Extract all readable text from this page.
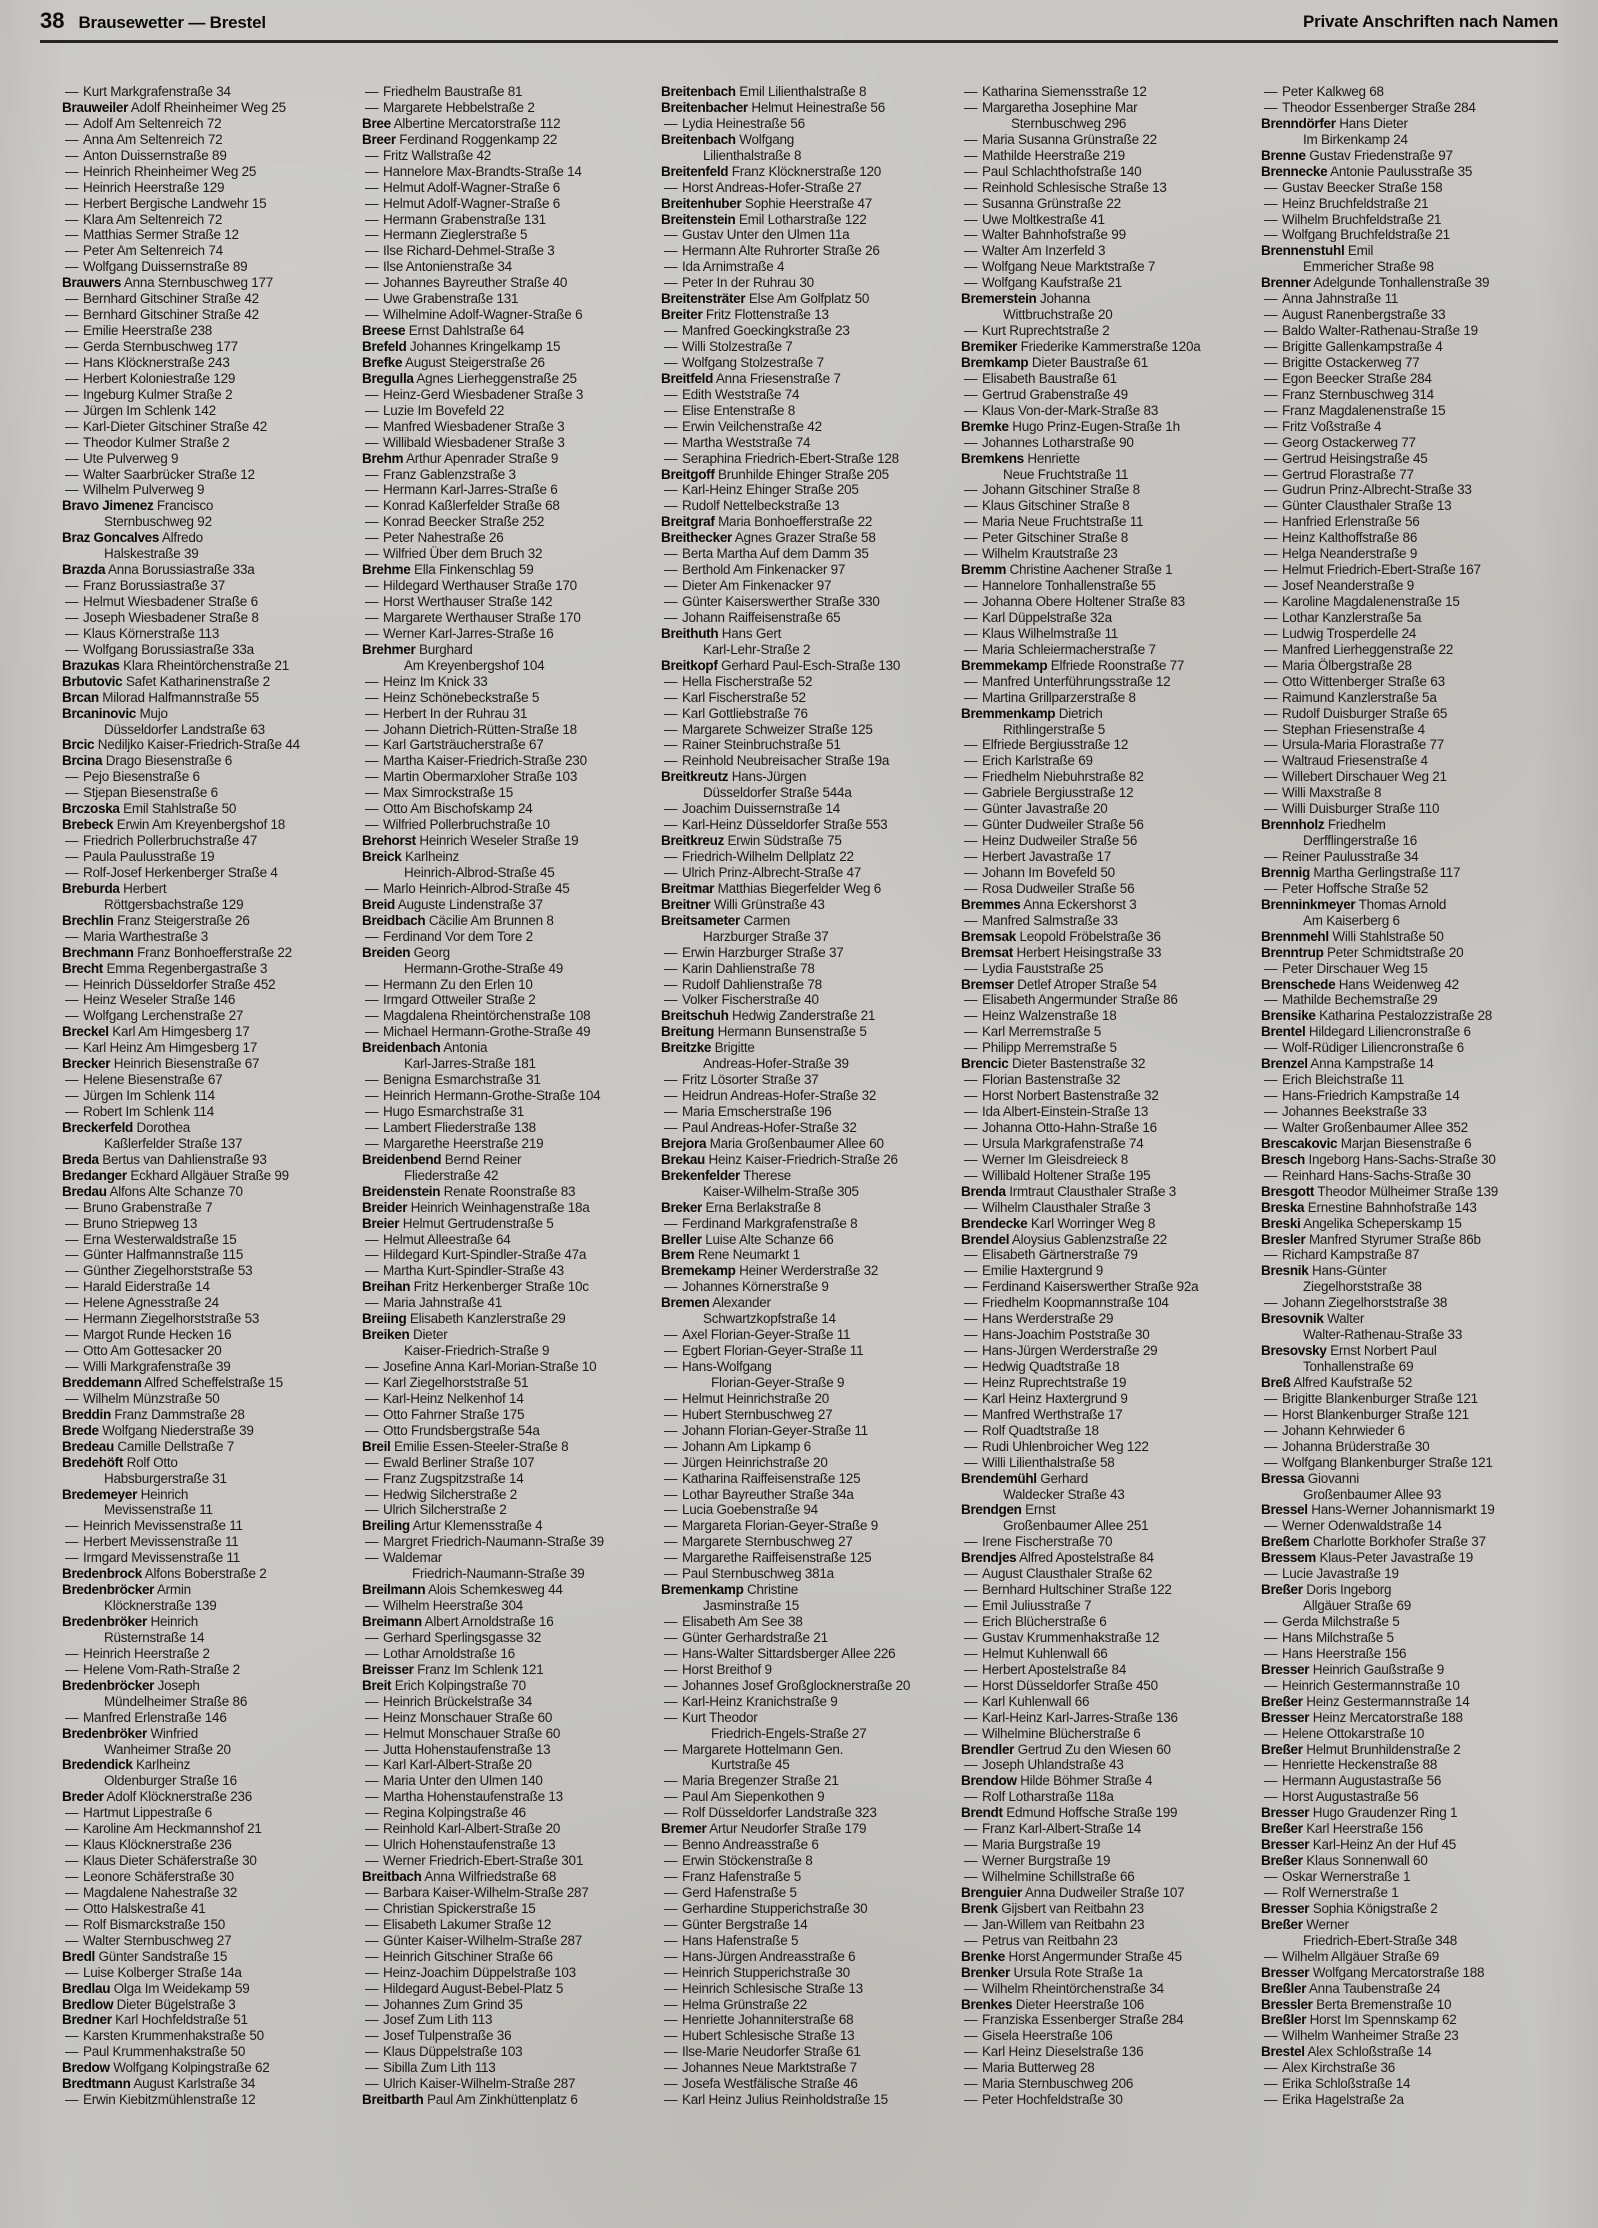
38 Brausewetter — Brestel	Private Anschriften nach Namen
— Kurt Markgrafenstraße 34
Brauweiler Adolf Rheinheimer Weg 25
— Adolf Am Seltenreich 72
— Anna Am Seltenreich 72
— Anton Duissernstraße 89
— Heinrich Rheinheimer Weg 25
— Heinrich Heerstraße 129
— Herbert Bergische Landwehr 15
— Klara Am Seltenreich 72
— Matthias Sermer Straße 12
— Peter Am Seltenreich 74
— Wolfgang Duissernstraße 89
Brauwers Anna Sternbuschweg 177
— Bernhard Gitschiner Straße 42
— Bernhard Gitschiner Straße 42
— Emilie Heerstraße 238
— Gerda Sternbuschweg 177
— Hans Klöcknerstraße 243
— Herbert Koloniestraße 129
— Ingeburg Kulmer Straße 2
— Jürgen Im Schlenk 142
— Karl-Dieter Gitschiner Straße 42
— Theodor Kulmer Straße 2
— Ute Pulverweg 9
— Walter Saarbrücker Straße 12
— Wilhelm Pulverweg 9
Bravo Jimenez Francisco
Sternbuschweg 92
Braz Goncalves Alfredo
Halskestraße 39
Brazda Anna Borussiastraße 33a
— Franz Borussiastraße 37
— Helmut Wiesbadener Straße 6
— Joseph Wiesbadener Straße 8
— Klaus Körnerstraße 113
— Wolfgang Borussiastraße 33a
Brazukas Klara Rheintörchenstraße 21
Brbutovic Safet Katharinenstraße 2
Brcan Milorad Halfmannstraße 55
Brcaninovic Mujo
Düsseldorfer Landstraße 63
Brcic Nediljko Kaiser-Friedrich-Straße 44
Brcina Drago Biesenstraße 6
— Pejo Biesenstraße 6
— Stjepan Biesenstraße 6
Brczoska Emil Stahlstraße 50
Brebeck Erwin Am Kreyenbergshof 18
— Friedrich Pollerbruchstraße 47
— Paula Paulusstraße 19
— Rolf-Josef Herkenberger Straße 4
Breburda Herbert
Röttgersbachstraße 129
Brechlin Franz Steigerstraße 26
— Maria Warthestraße 3
Brechmann Franz Bonhoefferstraße 22
Brecht Emma Regenbergastraße 3
— Heinrich Düsseldorfer Straße 452
— Heinz Weseler Straße 146
— Wolfgang Lerchenstraße 27
Breckel Karl Am Himgesberg 17
— Karl Heinz Am Himgesberg 17
Brecker Heinrich Biesenstraße 67
— Helene Biesenstraße 67
— Jürgen Im Schlenk 114
— Robert Im Schlenk 114
Breckerfeld Dorothea
Kaßlerfelder Straße 137
Breda Bertus van Dahlienstraße 93
Bredanger Eckhard Allgäuer Straße 99
Bredau Alfons Alte Schanze 70
— Bruno Grabenstraße 7
— Bruno Striepweg 13
— Erna Westerwaldstraße 15
— Günter Halfmannstraße 115
— Günther Ziegelhorststraße 53
— Harald Eiderstraße 14
— Helene Agnesstraße 24
— Hermann Ziegelhorststraße 53
— Margot Runde Hecken 16
— Otto Am Gottesacker 20
— Willi Markgrafenstraße 39
Breddemann Alfred Scheffelstraße 15
— Wilhelm Münzstraße 50
Breddin Franz Dammstraße 28
Brede Wolfgang Niederstraße 39
Bredeau Camille Dellstraße 7
Bredehöft Rolf Otto
Habsburgerstraße 31
Bredemeyer Heinrich
Mevissenstraße 11
— Heinrich Mevissenstraße 11
— Herbert Mevissenstraße 11
— Irmgard Mevissenstraße 11
Bredenbrock Alfons Boberstraße 2
Bredenbröcker Armin
Klöcknerstraße 139
Bredenbröker Heinrich
Rüsternstraße 14
— Heinrich Heerstraße 2
— Helene Vom-Rath-Straße 2
Bredenbröcker Joseph
Mündelheimer Straße 86
— Manfred Erlenstraße 146
Bredenbröker Winfried
Wanheimer Straße 20
Bredendick Karlheinz
Oldenburger Straße 16
Breder Adolf Klöcknerstraße 236
— Hartmut Lippestraße 6
— Karoline Am Heckmannshof 21
— Klaus Klöcknerstraße 236
— Klaus Dieter Schäferstraße 30
— Leonore Schäferstraße 30
— Magdalene Nahestraße 32
— Otto Halskestraße 41
— Rolf Bismarckstraße 150
— Walter Sternbuschweg 27
Bredl Günter Sandstraße 15
— Luise Kolberger Straße 14a
Bredlau Olga Im Weidekamp 59
Bredlow Dieter Bügelstraße 3
Bredner Karl Hochfeldstraße 51
— Karsten Krummenhakstraße 50
— Paul Krummenhakstraße 50
Bredow Wolfgang Kolpingstraße 62
Bredtmann August Karlstraße 34
— Erwin Kiebitzmühlenstraße 12
— Friedhelm Baustraße 81
— Margarete Hebbelstraße 2
Bree Albertine Mercatorstraße 112
Breer Ferdinand Roggenkamp 22
— Fritz Wallstraße 42
— Hannelore Max-Brandts-Straße 14
— Helmut Adolf-Wagner-Straße 6
— Helmut Adolf-Wagner-Straße 6
— Hermann Grabenstraße 131
— Hermann Zieglerstraße 5
— Ilse Richard-Dehmel-Straße 3
— Ilse Antonienstraße 34
— Johannes Bayreuther Straße 40
— Uwe Grabenstraße 131
— Wilhelmine Adolf-Wagner-Straße 6
Breese Ernst Dahlstraße 64
Brefeld Johannes Kringelkamp 15
Brefke August Steigerstraße 26
Bregulla Agnes Lierheggenstraße 25
— Heinz-Gerd Wiesbadener Straße 3
— Luzie Im Bovefeld 22
— Manfred Wiesbadener Straße 3
— Willibald Wiesbadener Straße 3
Brehm Arthur Apenrader Straße 9
— Franz Gablenzstraße 3
— Hermann Karl-Jarres-Straße 6
— Konrad Kaßlerfelder Straße 68
— Konrad Beecker Straße 252
— Peter Nahestraße 26
— Wilfried Über dem Bruch 32
Brehme Ella Finkenschlag 59
— Hildegard Werthauser Straße 170
— Horst Werthauser Straße 142
— Margarete Werthauser Straße 170
— Werner Karl-Jarres-Straße 16
Brehmer Burghard
Am Kreyenbergshof 104
— Heinz Im Knick 33
— Heinz Schönebeckstraße 5
— Herbert In der Ruhrau 31
— Johann Dietrich-Rütten-Straße 18
— Karl Gartsträucherstraße 67
— Martha Kaiser-Friedrich-Straße 230
— Martin Obermarxloher Straße 103
— Max Simrockstraße 15
— Otto Am Bischofskamp 24
— Wilfried Pollerbruchstraße 10
Brehorst Heinrich Weseler Straße 19
Breick Karlheinz
Heinrich-Albrod-Straße 45
— Marlo Heinrich-Albrod-Straße 45
Breid Auguste Lindenstraße 37
Breidbach Cäcilie Am Brunnen 8
— Ferdinand Vor dem Tore 2
Breiden Georg
Hermann-Grothe-Straße 49
— Hermann Zu den Erlen 10
— Irmgard Ottweiler Straße 2
— Magdalena Rheintörchenstraße 108
— Michael Hermann-Grothe-Straße 49
Breidenbach Antonia
Karl-Jarres-Straße 181
— Benigna Esmarchstraße 31
— Heinrich Hermann-Grothe-Straße 104
— Hugo Esmarchstraße 31
— Lambert Fliederstraße 138
— Margarethe Heerstraße 219
Breidenbend Bernd Reiner
Fliederstraße 42
Breidenstein Renate Roonstraße 83
Breider Heinrich Weinhagenstraße 18a
Breier Helmut Gertrudenstraße 5
— Helmut Alleestraße 64
— Hildegard Kurt-Spindler-Straße 47a
— Martha Kurt-Spindler-Straße 43
Breihan Fritz Herkenberger Straße 10c
— Maria Jahnstraße 41
Breiing Elisabeth Kanzlerstraße 29
Breiken Dieter
Kaiser-Friedrich-Straße 9
— Josefine Anna Karl-Morian-Straße 10
— Karl Ziegelhorststraße 51
— Karl-Heinz Nelkenhof 14
— Otto Fahrner Straße 175
— Otto Frundsbergstraße 54a
Breil Emilie Essen-Steeler-Straße 8
— Ewald Berliner Straße 107
— Franz Zugspitzstraße 14
— Hedwig Silcherstraße 2
— Ulrich Silcherstraße 2
Breiling Artur Klemensstraße 4
— Margret Friedrich-Naumann-Straße 39
— Waldemar
Friedrich-Naumann-Straße 39
Breilmann Alois Schemkesweg 44
— Wilhelm Heerstraße 304
Breimann Albert Arnoldstraße 16
— Gerhard Sperlingsgasse 32
— Lothar Arnoldstraße 16
Breisser Franz Im Schlenk 121
Breit Erich Kolpingstraße 70
— Heinrich Brückelstraße 34
— Heinz Monschauer Straße 60
— Helmut Monschauer Straße 60
— Jutta Hohenstaufenstraße 13
— Karl Karl-Albert-Straße 20
— Maria Unter den Ulmen 140
— Martha Hohenstaufenstraße 13
— Regina Kolpingstraße 46
— Reinhold Karl-Albert-Straße 20
— Ulrich Hohenstaufenstraße 13
— Werner Friedrich-Ebert-Straße 301
Breitbach Anna Wilfriedstraße 68
— Barbara Kaiser-Wilhelm-Straße 287
— Christian Spickerstraße 15
— Elisabeth Lakumer Straße 12
— Günter Kaiser-Wilhelm-Straße 287
— Heinrich Gitschiner Straße 66
— Heinz-Joachim Düppelstraße 103
— Hildegard August-Bebel-Platz 5
— Johannes Zum Grind 35
— Josef Zum Lith 113
— Josef Tulpenstraße 36
— Klaus Düppelstraße 103
— Sibilla Zum Lith 113
— Ulrich Kaiser-Wilhelm-Straße 287
Breitbarth Paul Am Zinkhüttenplatz 6
Breitenbach Emil Lilienthalstraße 8
Breitenbacher Helmut Heinestraße 56
— Lydia Heinestraße 56
Breitenbach Wolfgang
Lilienthalstraße 8
Breitenfeld Franz Klöcknerstraße 120
— Horst Andreas-Hofer-Straße 27
Breitenhuber Sophie Heerstraße 47
Breitenstein Emil Lotharstraße 122
— Gustav Unter den Ulmen 11a
— Hermann Alte Ruhrorter Straße 26
— Ida Arnimstraße 4
— Peter In der Ruhrau 30
Breitensträter Else Am Golfplatz 50
Breiter Fritz Flottenstraße 13
— Manfred Goeckingkstraße 23
— Willi Stolzestraße 7
— Wolfgang Stolzestraße 7
Breitfeld Anna Friesenstraße 7
— Edith Weststraße 74
— Elise Entenstraße 8
— Erwin Veilchenstraße 42
— Martha Weststraße 74
— Seraphina Friedrich-Ebert-Straße 128
Breitgoff Brunhilde Ehinger Straße 205
— Karl-Heinz Ehinger Straße 205
— Rudolf Nettelbeckstraße 13
Breitgraf Maria Bonhoefferstraße 22
Breithecker Agnes Grazer Straße 58
— Berta Martha Auf dem Damm 35
— Berthold Am Finkenacker 97
— Dieter Am Finkenacker 97
— Günter Kaiserswerther Straße 330
— Johann Raiffeisenstraße 65
Breithuth Hans Gert
Karl-Lehr-Straße 2
Breitkopf Gerhard Paul-Esch-Straße 130
— Hella Fischerstraße 52
— Karl Fischerstraße 52
— Karl Gottliebstraße 76
— Margarete Schweizer Straße 125
— Rainer Steinbruchstraße 51
— Reinhold Neubreisacher Straße 19a
Breitkreutz Hans-Jürgen
Düsseldorfer Straße 544a
— Joachim Duissernstraße 14
— Karl-Heinz Düsseldorfer Straße 553
Breitkreuz Erwin Südstraße 75
— Friedrich-Wilhelm Dellplatz 22
— Ulrich Prinz-Albrecht-Straße 47
Breitmar Matthias Biegerfelder Weg 6
Breitner Willi Grünstraße 43
Breitsameter Carmen
Harzburger Straße 37
— Erwin Harzburger Straße 37
— Karin Dahlienstraße 78
— Rudolf Dahlienstraße 78
— Volker Fischerstraße 40
Breitschuh Hedwig Zanderstraße 21
Breitung Hermann Bunsenstraße 5
Breitzke Brigitte
Andreas-Hofer-Straße 39
— Fritz Lösorter Straße 37
— Heidrun Andreas-Hofer-Straße 32
— Maria Emscherstraße 196
— Paul Andreas-Hofer-Straße 32
Brejora Maria Großenbaumer Allee 60
Brekau Heinz Kaiser-Friedrich-Straße 26
Brekenfelder Therese
Kaiser-Wilhelm-Straße 305
Breker Erna Berlakstraße 8
— Ferdinand Markgrafenstraße 8
Breller Luise Alte Schanze 66
Brem Rene Neumarkt 1
Bremekamp Heiner Werderstraße 32
— Johannes Körnerstraße 9
Bremen Alexander
Schwartzkopfstraße 14
— Axel Florian-Geyer-Straße 11
— Egbert Florian-Geyer-Straße 11
— Hans-Wolfgang
Florian-Geyer-Straße 9
— Helmut Heinrichstraße 20
— Hubert Sternbuschweg 27
— Johann Florian-Geyer-Straße 11
— Johann Am Lipkamp 6
— Jürgen Heinrichstraße 20
— Katharina Raiffeisenstraße 125
— Lothar Bayreuther Straße 34a
— Lucia Goebenstraße 94
— Margareta Florian-Geyer-Straße 9
— Margarete Sternbuschweg 27
— Margarethe Raiffeisenstraße 125
— Paul Sternbuschweg 381a
Bremenkamp Christine
Jasminstraße 15
— Elisabeth Am See 38
— Günter Gerhardstraße 21
— Hans-Walter Sittardsberger Allee 226
— Horst Breithof 9
— Johannes Josef Großglocknerstraße 20
— Karl-Heinz Kranichstraße 9
— Kurt Theodor
Friedrich-Engels-Straße 27
— Margarete Hottelmann Gen.
Kurtstraße 45
— Maria Bregenzer Straße 21
— Paul Am Siepenkothen 9
— Rolf Düsseldorfer Landstraße 323
Bremer Artur Neudorfer Straße 179
— Benno Andreasstraße 6
— Erwin Stöckenstraße 8
— Franz Hafenstraße 5
— Gerd Hafenstraße 5
— Gerhardine Stupperichstraße 30
— Günter Bergstraße 14
— Hans Hafenstraße 5
— Hans-Jürgen Andreasstraße 6
— Heinrich Stupperichstraße 30
— Heinrich Schlesische Straße 13
— Helma Grünstraße 22
— Henriette Johanniterstraße 68
— Hubert Schlesische Straße 13
— Ilse-Marie Neudorfer Straße 61
— Johannes Neue Marktstraße 7
— Josefa Westfälische Straße 46
— Karl Heinz Julius Reinholdstraße 15
— Katharina Siemensstraße 12
— Margaretha Josephine Mar
Sternbuschweg 296
— Maria Susanna Grünstraße 22
— Mathilde Heerstraße 219
— Paul Schlachthofstraße 140
— Reinhold Schlesische Straße 13
— Susanna Grünstraße 22
— Uwe Moltkestraße 41
— Walter Bahnhofstraße 99
— Walter Am Inzerfeld 3
— Wolfgang Neue Marktstraße 7
— Wolfgang Kaufstraße 21
Bremerstein Johanna
Wittbruchstraße 20
— Kurt Ruprechtstraße 2
Bremiker Friederike Kammerstraße 120a
Bremkamp Dieter Baustraße 61
— Elisabeth Baustraße 61
— Gertrud Grabenstraße 49
— Klaus Von-der-Mark-Straße 83
Bremke Hugo Prinz-Eugen-Straße 1h
— Johannes Lotharstraße 90
Bremkens Henriette
Neue Fruchtstraße 11
— Johann Gitschiner Straße 8
— Klaus Gitschiner Straße 8
— Maria Neue Fruchtstraße 11
— Peter Gitschiner Straße 8
— Wilhelm Krautstraße 23
Bremm Christine Aachener Straße 1
— Hannelore Tonhallenstraße 55
— Johanna Obere Holtener Straße 83
— Karl Düppelstraße 32a
— Klaus Wilhelmstraße 11
— Maria Schleiermacherstraße 7
Bremmekamp Elfriede Roonstraße 77
— Manfred Unterführungsstraße 12
— Martina Grillparzerstraße 8
Bremmenkamp Dietrich
Rithlingerstraße 5
— Elfriede Bergiusstraße 12
— Erich Karlstraße 69
— Friedhelm Niebuhrstraße 82
— Gabriele Bergiusstraße 12
— Günter Javastraße 20
— Günter Dudweiler Straße 56
— Heinz Dudweiler Straße 56
— Herbert Javastraße 17
— Johann Im Bovefeld 50
— Rosa Dudweiler Straße 56
Bremmes Anna Eckershorst 3
— Manfred Salmstraße 33
Bremsak Leopold Fröbelstraße 36
Bremsat Herbert Heisingstraße 33
— Lydia Fauststraße 25
Bremser Detlef Atroper Straße 54
— Elisabeth Angermunder Straße 86
— Heinz Walzenstraße 18
— Karl Merremstraße 5
— Philipp Merremstraße 5
Brencic Dieter Bastenstraße 32
— Florian Bastenstraße 32
— Horst Norbert Bastenstraße 32
— Ida Albert-Einstein-Straße 13
— Johanna Otto-Hahn-Straße 16
— Ursula Markgrafenstraße 74
— Werner Im Gleisdreieck 8
— Willibald Holtener Straße 195
Brenda Irmtraut Clausthaler Straße 3
— Wilhelm Clausthaler Straße 3
Brendecke Karl Worringer Weg 8
Brendel Aloysius Gablenzstraße 22
— Elisabeth Gärtnerstraße 79
— Emilie Haxtergrund 9
— Ferdinand Kaiserswerther Straße 92a
— Friedhelm Koopmannstraße 104
— Hans Werderstraße 29
— Hans-Joachim Poststraße 30
— Hans-Jürgen Werderstraße 29
— Hedwig Quadtstraße 18
— Heinz Ruprechtstraße 19
— Karl Heinz Haxtergrund 9
— Manfred Werthstraße 17
— Rolf Quadtstraße 18
— Rudi Uhlenbroicher Weg 122
— Willi Lilienthalstraße 58
Brendemühl Gerhard
Waldecker Straße 43
Brendgen Ernst
Großenbaumer Allee 251
— Irene Fischerstraße 70
Brendjes Alfred Apostelstraße 84
— August Clausthaler Straße 62
— Bernhard Hultschiner Straße 122
— Emil Juliusstraße 7
— Erich Blücherstraße 6
— Gustav Krummenhakstraße 12
— Helmut Kuhlenwall 66
— Herbert Apostelstraße 84
— Horst Düsseldorfer Straße 450
— Karl Kuhlenwall 66
— Karl-Heinz Karl-Jarres-Straße 136
— Wilhelmine Blücherstraße 6
Brendler Gertrud Zu den Wiesen 60
— Joseph Uhlandstraße 43
Brendow Hilde Böhmer Straße 4
— Rolf Lotharstraße 118a
Brendt Edmund Hoffsche Straße 199
— Franz Karl-Albert-Straße 14
— Maria Burgstraße 19
— Werner Burgstraße 19
— Wilhelmine Schillstraße 66
Brenguier Anna Dudweiler Straße 107
Brenk Gijsbert van Reitbahn 23
— Jan-Willem van Reitbahn 23
— Petrus van Reitbahn 23
Brenke Horst Angermunder Straße 45
Brenker Ursula Rote Straße 1a
— Wilhelm Rheintörchenstraße 34
Brenkes Dieter Heerstraße 106
— Franziska Essenberger Straße 284
— Gisela Heerstraße 106
— Karl Heinz Dieselstraße 136
— Maria Butterweg 28
— Maria Sternbuschweg 206
— Peter Hochfeldstraße 30
— Peter Kalkweg 68
— Theodor Essenberger Straße 284
Brenndörfer Hans Dieter
Im Birkenkamp 24
Brenne Gustav Friedenstraße 97
Brennecke Antonie Paulusstraße 35
— Gustav Beecker Straße 158
— Heinz Bruchfeldstraße 21
— Wilhelm Bruchfeldstraße 21
— Wolfgang Bruchfeldstraße 21
Brennenstuhl Emil
Emmericher Straße 98
Brenner Adelgunde Tonhallenstraße 39
— Anna Jahnstraße 11
— August Ranenbergstraße 33
— Baldo Walter-Rathenau-Straße 19
— Brigitte Gallenkampstraße 4
— Brigitte Ostackerweg 77
— Egon Beecker Straße 284
— Franz Sternbuschweg 314
— Franz Magdalenenstraße 15
— Fritz Voßstraße 4
— Georg Ostackerweg 77
— Gertrud Heisingstraße 45
— Gertrud Florastraße 77
— Gudrun Prinz-Albrecht-Straße 33
— Günter Clausthaler Straße 13
— Hanfried Erlenstraße 56
— Heinz Kalthoffstraße 86
— Helga Neanderstraße 9
— Helmut Friedrich-Ebert-Straße 167
— Josef Neanderstraße 9
— Karoline Magdalenenstraße 15
— Lothar Kanzlerstraße 5a
— Ludwig Trosperdelle 24
— Manfred Lierheggenstraße 22
— Maria Ölbergstraße 28
— Otto Wittenberger Straße 63
— Raimund Kanzlerstraße 5a
— Rudolf Duisburger Straße 65
— Stephan Friesenstraße 4
— Ursula-Maria Florastraße 77
— Waltraud Friesenstraße 4
— Willebert Dirschauer Weg 21
— Willi Maxstraße 8
— Willi Duisburger Straße 110
Brennholz Friedhelm
Derfflingerstraße 16
— Reiner Paulusstraße 34
Brennig Martha Gerlingstraße 117
— Peter Hoffsche Straße 52
Brenninkmeyer Thomas Arnold
Am Kaiserberg 6
Brennmehl Willi Stahlstraße 50
Brenntrup Peter Schmidtstraße 20
— Peter Dirschauer Weg 15
Brenschede Hans Weidenweg 42
— Mathilde Bechemstraße 29
Brensike Katharina Pestalozzistraße 28
Brentel Hildegard Liliencronstraße 6
— Wolf-Rüdiger Liliencronstraße 6
Brenzel Anna Kampstraße 14
— Erich Bleichstraße 11
— Hans-Friedrich Kampstraße 14
— Johannes Beekstraße 33
— Walter Großenbaumer Allee 352
Brescakovic Marjan Biesenstraße 6
Bresch Ingeborg Hans-Sachs-Straße 30
— Reinhard Hans-Sachs-Straße 30
Bresgott Theodor Mülheimer Straße 139
Breska Ernestine Bahnhofstraße 143
Breski Angelika Scheperskamp 15
Bresler Manfred Styrumer Straße 86b
— Richard Kampstraße 87
Bresnik Hans-Günter
Ziegelhorststraße 38
— Johann Ziegelhorststraße 38
Bresovnik Walter
Walter-Rathenau-Straße 33
Bresovsky Ernst Norbert Paul
Tonhallenstraße 69
Breß Alfred Kaufstraße 52
— Brigitte Blankenburger Straße 121
— Horst Blankenburger Straße 121
— Johann Kehrwieder 6
— Johanna Brüderstraße 30
— Wolfgang Blankenburger Straße 121
Bressa Giovanni
Großenbaumer Allee 93
Bressel Hans-Werner Johannismarkt 19
— Werner Odenwaldstraße 14
Breßem Charlotte Borkhofer Straße 37
Bressem Klaus-Peter Javastraße 19
— Lucie Javastraße 19
Breßer Doris Ingeborg
Allgäuer Straße 69
— Gerda Milchstraße 5
— Hans Milchstraße 5
— Hans Heerstraße 156
Bresser Heinrich Gaußstraße 9
— Heinrich Gestermannstraße 10
Breßer Heinz Gestermannstraße 14
Bresser Heinz Mercatorstraße 188
— Helene Ottokarstraße 10
Breßer Helmut Brunhildenstraße 2
— Henriette Heckenstraße 88
— Hermann Augustastraße 56
— Horst Augustastraße 56
Bresser Hugo Graudenzer Ring 1
Breßer Karl Heerstraße 156
Bresser Karl-Heinz An der Huf 45
Breßer Klaus Sonnenwall 60
— Oskar Wernerstraße 1
— Rolf Wernerstraße 1
Bresser Sophia Königstraße 2
Breßer Werner
Friedrich-Ebert-Straße 348
— Wilhelm Allgäuer Straße 69
Bresser Wolfgang Mercatorstraße 188
Breßler Anna Taubenstraße 24
Bressler Berta Bremenstraße 10
Breßler Horst Im Spennskamp 62
— Wilhelm Wanheimer Straße 23
Brestel Alex Schloßstraße 14
— Alex Kirchstraße 36
— Erika Schloßstraße 14
— Erika Hagelstraße 2a
